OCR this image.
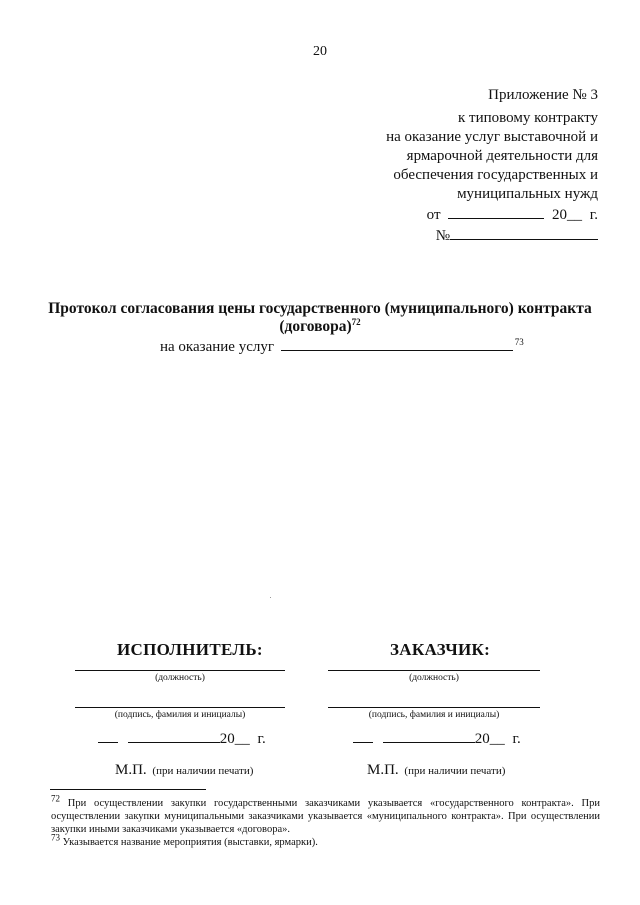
20
Приложение № 3
к типовому контракту
на оказание услуг выставочной и
ярмарочной деятельности для
обеспечения государственных и
муниципальных нужд
от	20__ г.
№
Протокол согласования цены государственного (муниципального) контракта
(договора)$^{72}$
на оказание услуг	$^{73}$
ИСПОЛНИТЕЛЬ:
(должность)
(подпись, фамилия и инициалы)
20__ г.
М.П. (при наличии печати)
ЗАКАЗЧИК:
(должность)
(подпись, фамилия и инициалы)
20__ г.
М.П. (при наличии печати)
$^{72}$ При осуществлении закупки государственными заказчиками указывается «государственного контракта». При
осуществлении закупки муниципальными заказчиками указывается «муниципального контракта». При осуществлении
закупки иными заказчиками указывается «договора».
$^{73}$ Указывается название мероприятия (выставки, ярмарки).
